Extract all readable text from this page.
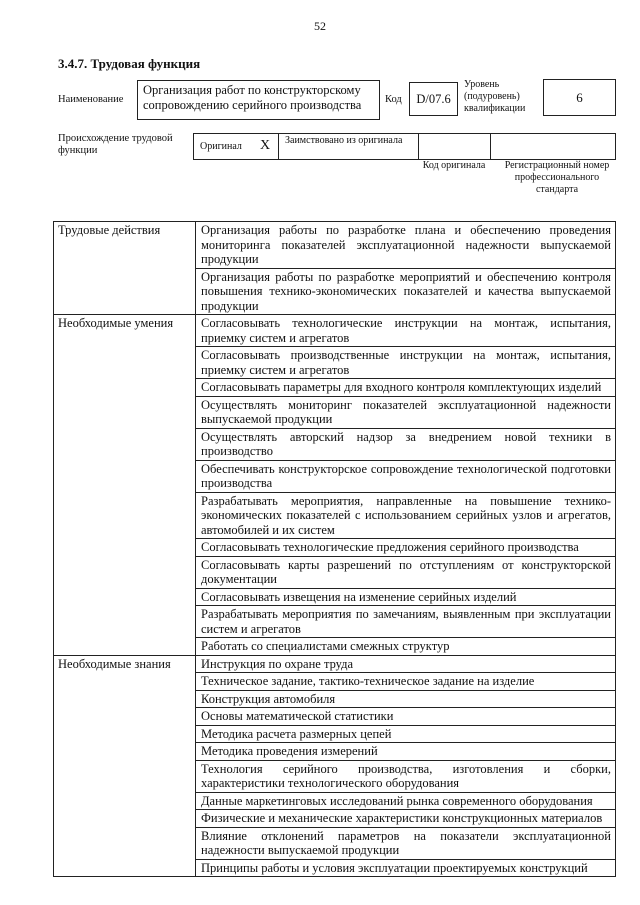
52
3.4.7. Трудовая функция
Наименование
Организация работ по конструкторскому сопровождению серийного производства	Код	D/07.6
Уровень (подуровень) квалификации
6
Происхождение трудовой функции	Оригинал X Заимствовано из оригинала
Код оригинала	Регистрационный номер профессионального стандарта
Трудовые действия	Организация работы по разработке плана и обеспечению проведения мониторинга показателей эксплуатационной надежности выпускаемой продукции
	Организация работы по разработке мероприятий и обеспечению контроля повышения технико-экономических показателей и качества выпускаемой продукции
Необходимые умения	Согласовывать технологические инструкции на монтаж, испытания, приемку систем и агрегатов
	Согласовывать производственные инструкции на монтаж, испытания, приемку систем и агрегатов
	Согласовывать параметры для входного контроля комплектующих изделий
	Осуществлять мониторинг показателей эксплуатационной надежности выпускаемой продукции
	Осуществлять авторский надзор за внедрением новой техники в производство
	Обеспечивать конструкторское сопровождение технологической подготовки производства
	Разрабатывать мероприятия, направленные на повышение технико-экономических показателей с использованием серийных узлов и агрегатов, автомобилей и их систем
	Согласовывать технологические предложения серийного производства
	Согласовывать карты разрешений по отступлениям от конструкторской документации
	Согласовывать извещения на изменение серийных изделий
	Разрабатывать мероприятия по замечаниям, выявленным при эксплуатации систем и агрегатов
	Работать со специалистами смежных структур
Необходимые знания	Инструкция по охране труда
	Техническое задание, тактико-техническое задание на изделие
	Конструкция автомобиля
	Основы математической статистики
	Методика расчета размерных цепей
	Методика проведения измерений
	Технология серийного производства, изготовления и сборки, характеристики технологического оборудования
	Данные маркетинговых исследований рынка современного оборудования
	Физические и механические характеристики конструкционных материалов
	Влияние отклонений параметров на показатели эксплуатационной надежности выпускаемой продукции
	Принципы работы и условия эксплуатации проектируемых конструкций
